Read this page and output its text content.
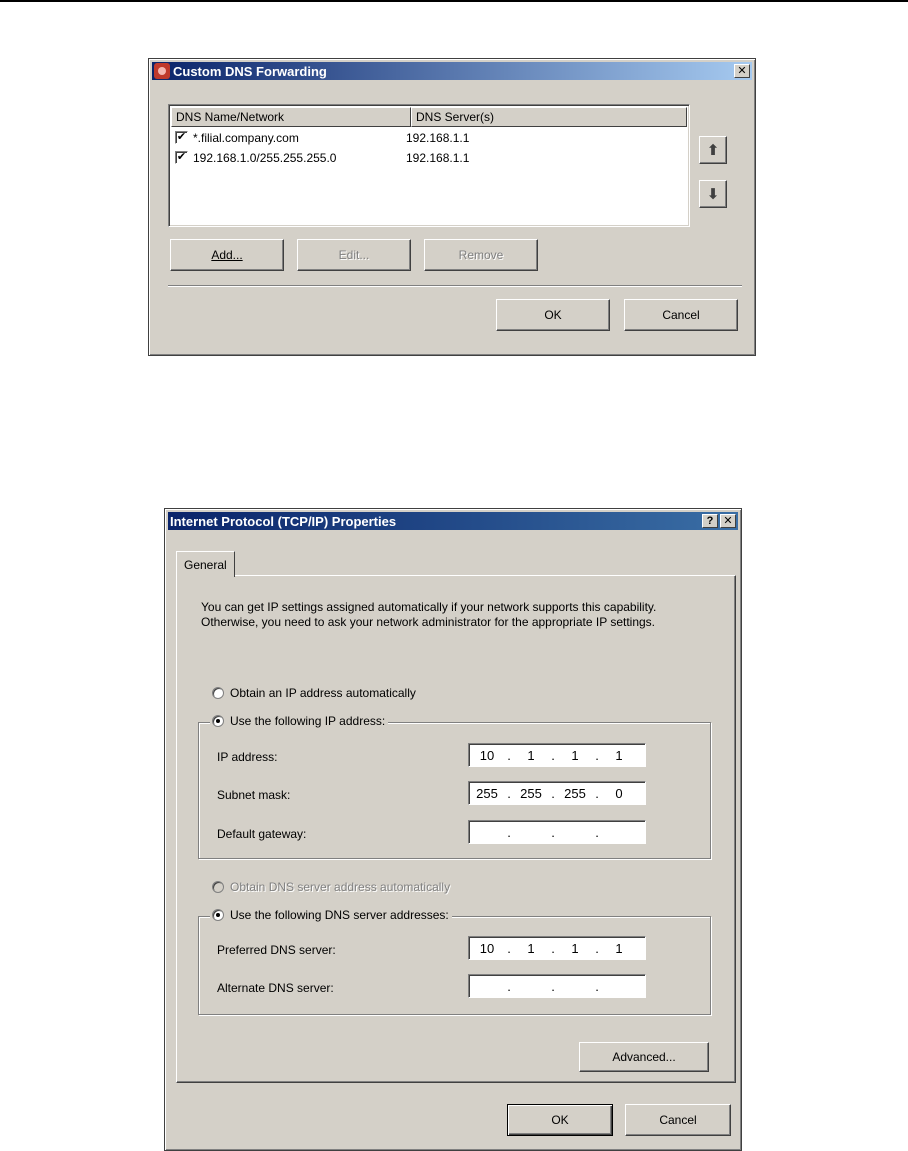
Custom DNS Forwarding	✕
DNS Name/Network	DNS Server(s)
✔ *.filial.company.com	192.168.1.1
✔ 192.168.1.0/255.255.255.0	192.168.1.1	⬆
⬇
Add...	Edit...	Remove
OK	Cancel
Internet Protocol (TCP/IP) Properties	? ✕
General
You can get IP settings assigned automatically if your network supports this capability. Otherwise, you need to ask your network administrator for the appropriate IP settings.
Obtain an IP address automatically
Use the following IP address:
IP address:	10 .	1	.	1	.	1
Subnet mask:	255 . 255 . 255 .	0
Default gateway:	.	.	.
Obtain DNS server address automatically
Use the following DNS server addresses:
Preferred DNS server:	10 .	1	.	1	.	1
Alternate DNS server:	.	.	.
Advanced...
OK	Cancel
